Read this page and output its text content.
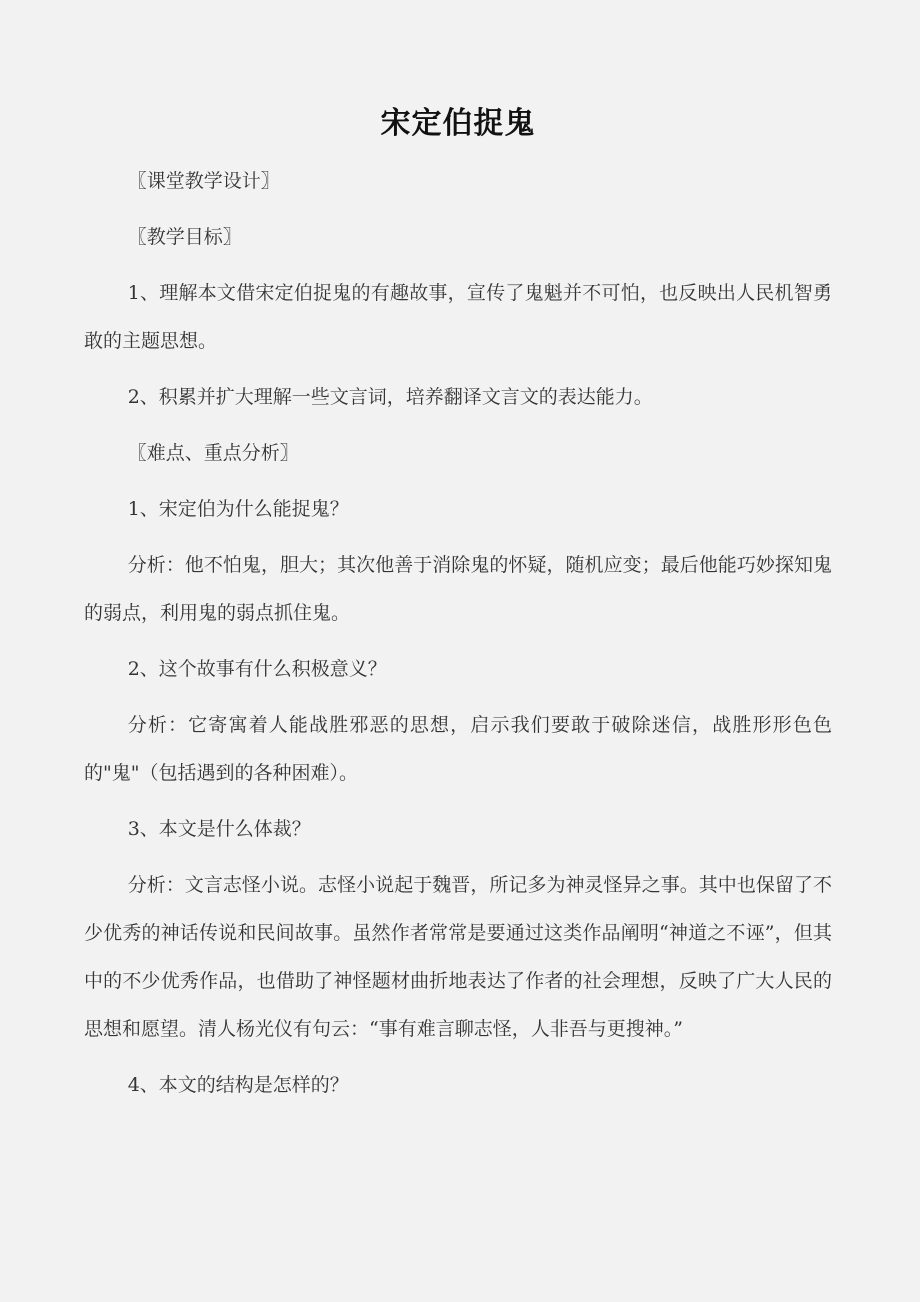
宋定伯捉鬼

〖课堂教学设计〗

〖教学目标〗

1、理解本文借宋定伯捉鬼的有趣故事，宣传了鬼魁并不可怕，也反映出人民机智勇敢的主题思想。

2、积累并扩大理解一些文言词，培养翻译文言文的表达能力。

〖难点、重点分析〗

1、宋定伯为什么能捉鬼？

分析：他不怕鬼，胆大；其次他善于消除鬼的怀疑，随机应变；最后他能巧妙探知鬼的弱点，利用鬼的弱点抓住鬼。

2、这个故事有什么积极意义？

分析：它寄寓着人能战胜邪恶的思想，启示我们要敢于破除迷信，战胜形形色色的"鬼"（包括遇到的各种困难）。

3、本文是什么体裁？

分析：文言志怪小说。志怪小说起于魏晋，所记多为神灵怪异之事。其中也保留了不少优秀的神话传说和民间故事。虽然作者常常是要通过这类作品阐明“神道之不诬”，但其中的不少优秀作品，也借助了神怪题材曲折地表达了作者的社会理想，反映了广大人民的思想和愿望。清人杨光仪有句云：“事有难言聊志怪，人非吾与更搜神。”

4、本文的结构是怎样的？
